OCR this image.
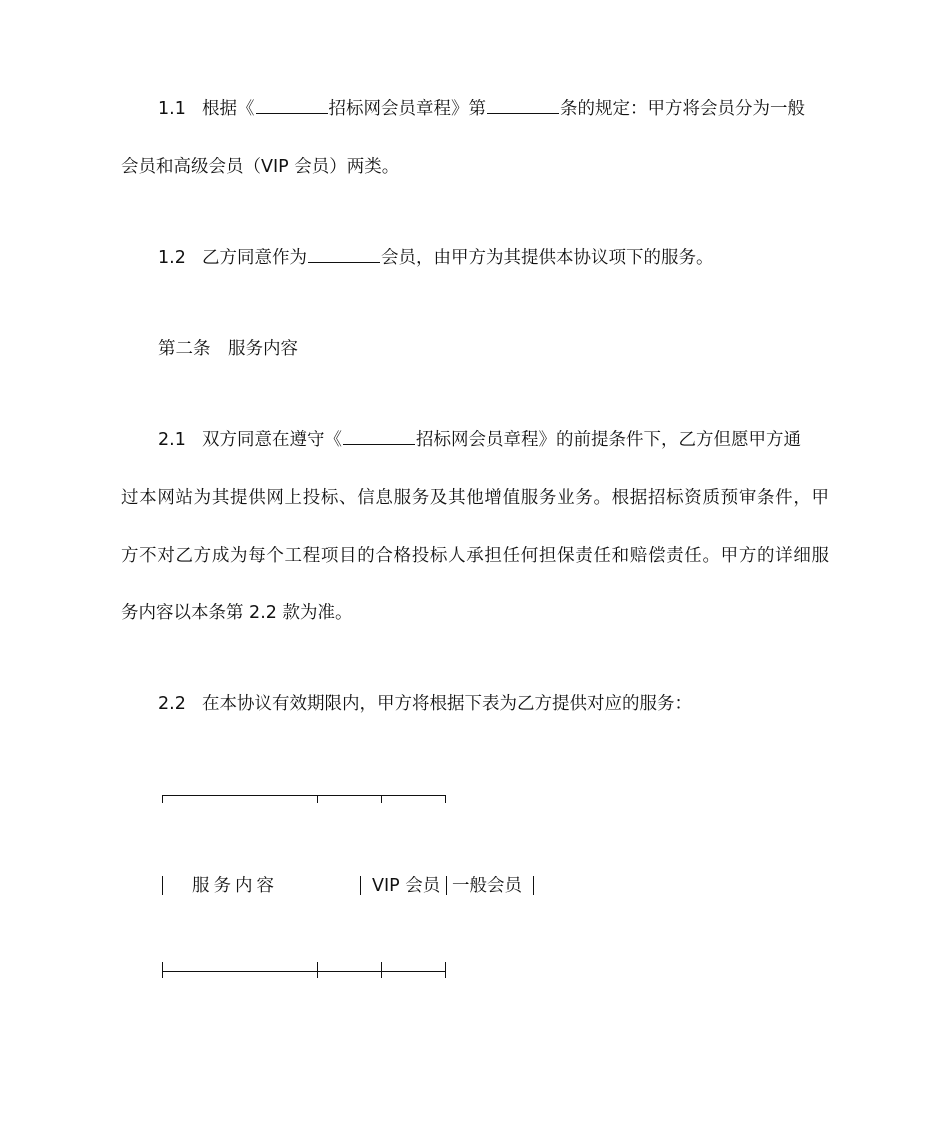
1.1 根据《	招标网会员章程》第	条的规定：甲方将会员分为一般
会员和高级会员（VIP 会员）两类。
1.2 乙方同意作为	会员，由甲方为其提供本协议项下的服务。
第二条　服务内容
2.1 双方同意在遵守《	招标网会员章程》的前提条件下，乙方但愿甲方通
过本网站为其提供网上投标、信息服务及其他增值服务业务。根据招标资质预审条件，甲
方不对乙方成为每个工程项目的合格投标人承担任何担保责任和赔偿责任。甲方的详细服
务内容以本条第 2.2 款为准。
2.2 在本协议有效期限内，甲方将根据下表为乙方提供对应的服务：
服务内容	VIP 会员 一般会员
